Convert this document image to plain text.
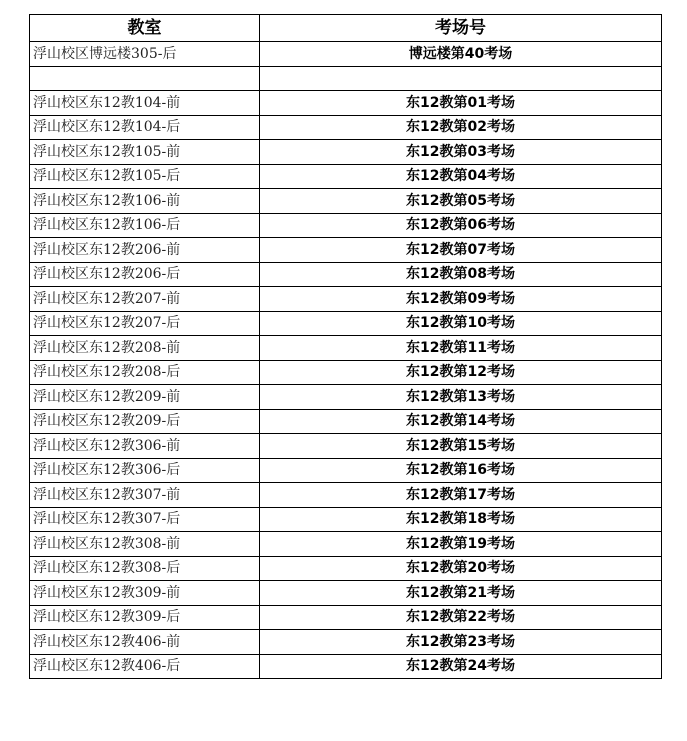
教室	考场号
浮山校区博远楼305-后	博远楼第40考场

浮山校区东12教104-前	东12教第01考场
浮山校区东12教104-后	东12教第02考场
浮山校区东12教105-前	东12教第03考场
浮山校区东12教105-后	东12教第04考场
浮山校区东12教106-前	东12教第05考场
浮山校区东12教106-后	东12教第06考场
浮山校区东12教206-前	东12教第07考场
浮山校区东12教206-后	东12教第08考场
浮山校区东12教207-前	东12教第09考场
浮山校区东12教207-后	东12教第10考场
浮山校区东12教208-前	东12教第11考场
浮山校区东12教208-后	东12教第12考场
浮山校区东12教209-前	东12教第13考场
浮山校区东12教209-后	东12教第14考场
浮山校区东12教306-前	东12教第15考场
浮山校区东12教306-后	东12教第16考场
浮山校区东12教307-前	东12教第17考场
浮山校区东12教307-后	东12教第18考场
浮山校区东12教308-前	东12教第19考场
浮山校区东12教308-后	东12教第20考场
浮山校区东12教309-前	东12教第21考场
浮山校区东12教309-后	东12教第22考场
浮山校区东12教406-前	东12教第23考场
浮山校区东12教406-后	东12教第24考场
